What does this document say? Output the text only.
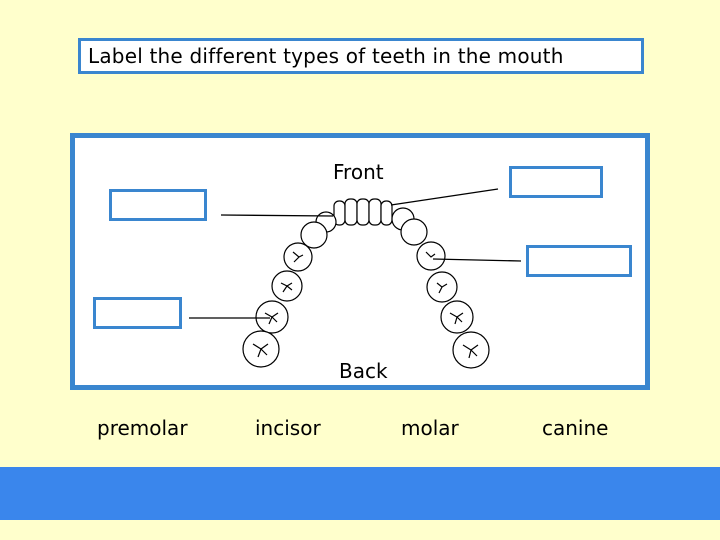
Label the different types of teeth in the mouth
Front
Back
premolar	incisor	molar	canine
